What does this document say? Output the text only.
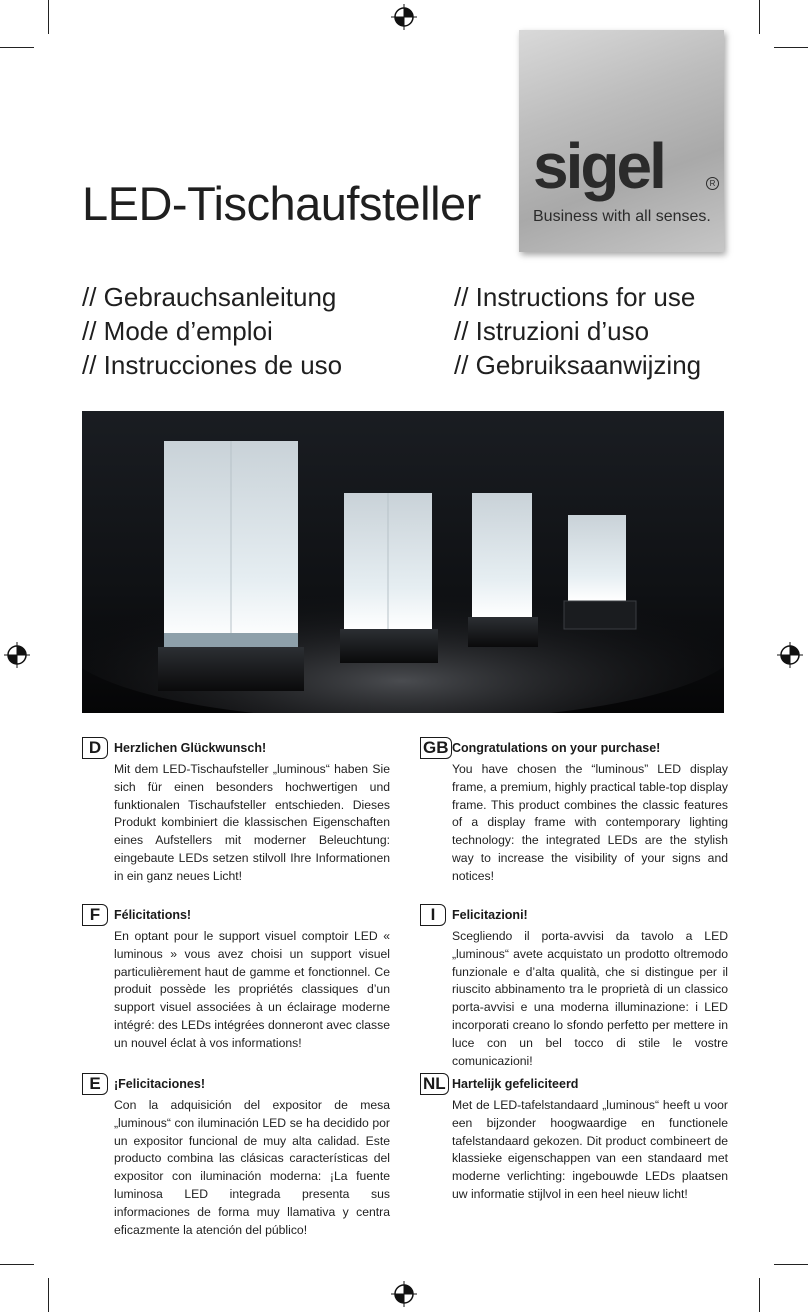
sigel	R
Business with all senses.
LED-Tischaufsteller
// Gebrauchsanleitung
// Mode d’emploi
// Instrucciones de uso
// Instructions for use
// Istruzioni d’uso
// Gebruiksaanwijzing
D	Herzlichen Glückwunsch!
Mit dem LED-Tischaufsteller „luminous“ haben Sie sich für einen besonders hochwertigen und funktionalen Tischaufsteller entschieden. Dieses Produkt kombiniert die klassischen Eigenschaften eines Aufstellers mit moderner Beleuchtung: eingebaute LEDs setzen stilvoll Ihre Informationen in ein ganz neues Licht!
GB Congratulations on your purchase!
You have chosen the “luminous” LED display frame, a premium, highly practical table-top display frame. This product combines the classic features of a display frame with contemporary lighting technology: the integrated LEDs are the stylish way to increase the visibility of your signs and notices!
F	Félicitations!
En optant pour le support visuel comptoir LED « luminous » vous avez choisi un support visuel particulièrement haut de gamme et fonctionnel. Ce produit possède les propriétés classiques d’un support visuel associées à un éclairage moderne intégré: des LEDs intégrées donneront avec classe un nouvel éclat à vos informations!
I	Felicitazioni!
Scegliendo il porta-avvisi da tavolo a LED „luminous“ avete acquistato un prodotto oltremodo funzionale e d’alta qualità, che si distingue per il riuscito abbinamento tra le proprietà di un classico porta-avvisi e una moderna illuminazione: i LED incorporati creano lo sfondo perfetto per mettere in luce con un bel tocco di stile le vostre comunicazioni!
E	¡Felicitaciones!
Con la adquisición del expositor de mesa „luminous“ con iluminación LED se ha decidido por un expositor funcional de muy alta calidad. Este producto combina las clásicas características del expositor con iluminación moderna: ¡La fuente luminosa LED integrada presenta sus informaciones de forma muy llamativa y centra eficazmente la atención del público!
NL Hartelijk gefeliciteerd
Met de LED-tafelstandaard „luminous“ heeft u voor een bijzonder hoogwaardige en functionele tafelstandaard gekozen. Dit product combineert de klassieke eigenschappen van een standaard met moderne verlichting: ingebouwde LEDs plaatsen uw informatie stijlvol in een heel nieuw licht!
